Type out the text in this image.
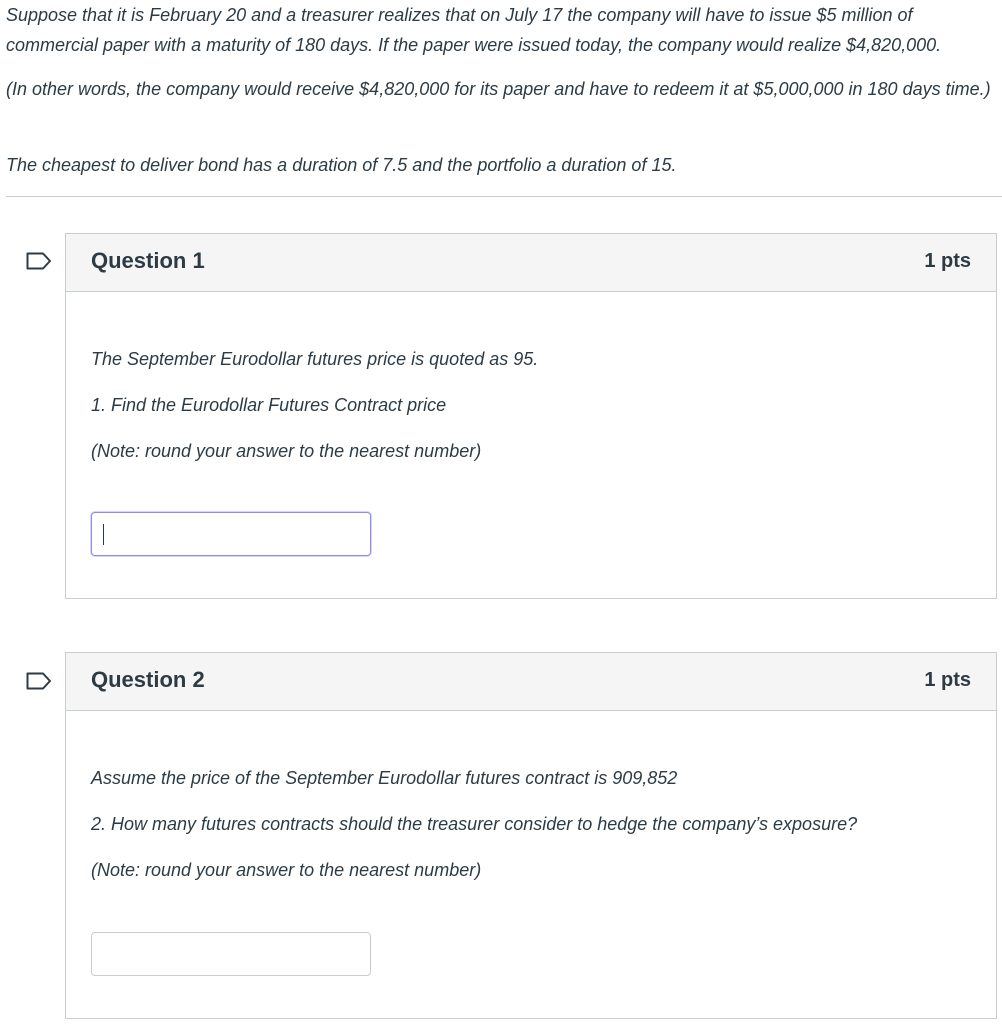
Suppose that it is February 20 and a treasurer realizes that on July 17 the company will have to issue $5 million of commercial paper with a maturity of 180 days. If the paper were issued today, the company would realize $4,820,000.

(In other words, the company would receive $4,820,000 for its paper and have to redeem it at $5,000,000 in 180 days time.)

The cheapest to deliver bond has a duration of 7.5 and the portfolio a duration of 15.

Question 1	1 pts

The September Eurodollar futures price is quoted as 95.

1. Find the Eurodollar Futures Contract price

(Note: round your answer to the nearest number)

Question 2	1 pts

Assume the price of the September Eurodollar futures contract is 909,852

2. How many futures contracts should the treasurer consider to hedge the company’s exposure?

(Note: round your answer to the nearest number)
